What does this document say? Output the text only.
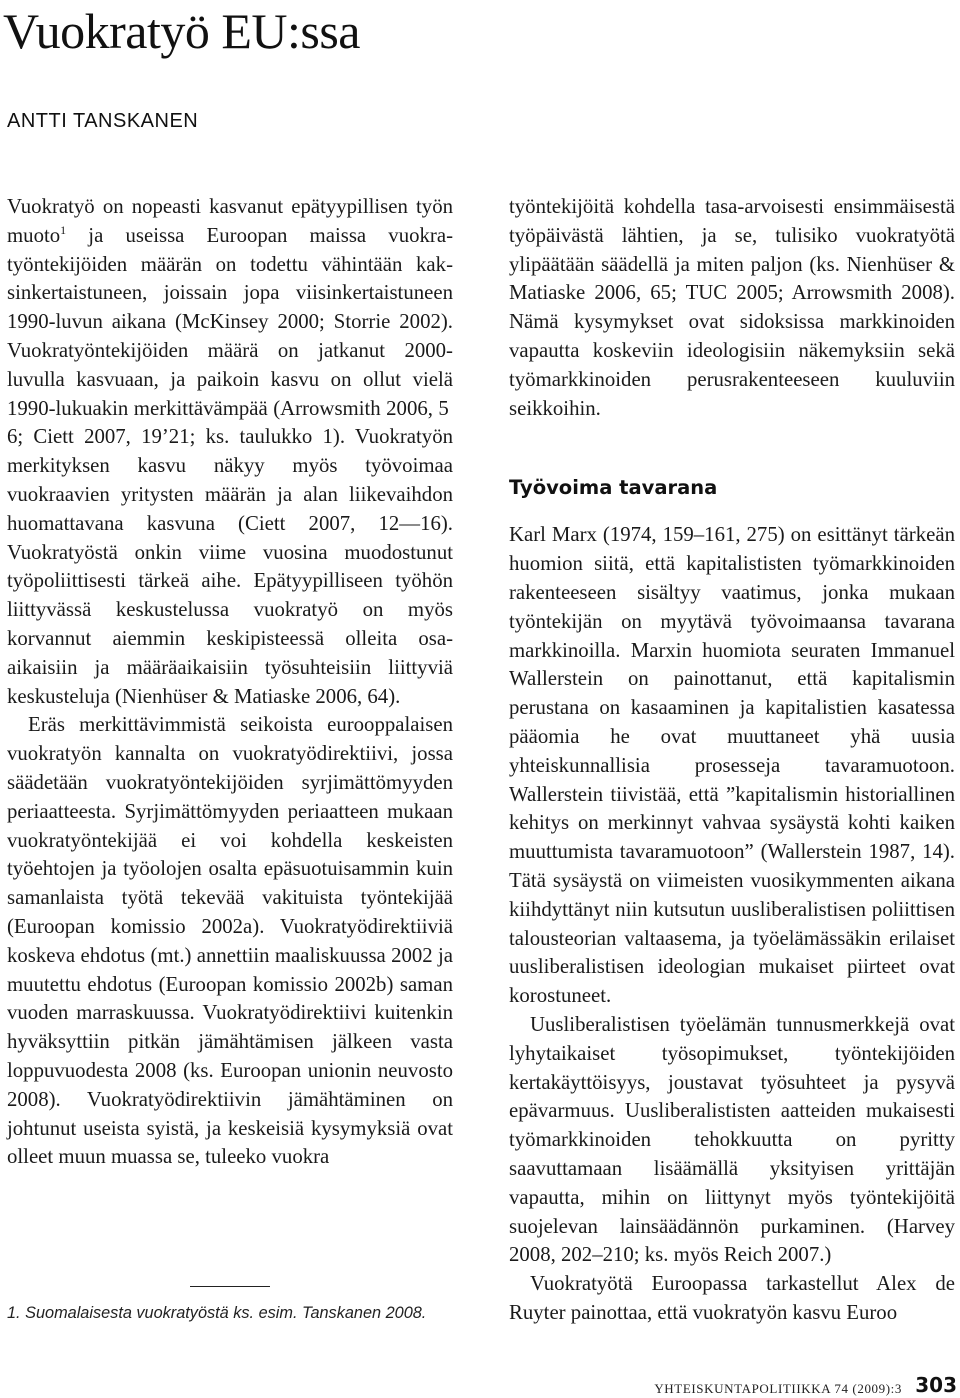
Vuokratyö EU:ssa
ANTTI TANSKANEN

Vuokratyö on nopeasti kasvanut epätyypillisen työn muoto$^1$ ja useissa Euroopan maissa vuokratyöntekijöiden määrän on todettu vähintään kaksinkertaistuneen, joissain jopa viisinkertaistuneen 1990-luvun aikana (McKinsey 2000; Storrie 2002). Vuokratyöntekijöiden määrä on jatkanut 2000-luvulla kasvuaan, ja paikoin kasvu on ollut vielä 1990-lukuakin merkittävämpää (Arrowsmith 2006, 5 6; Ciett 2007, 19’21; ks. taulukko 1). Vuokratyön merkityksen kasvu näkyy myös työvoimaa vuokraavien yritysten määrän ja alan liikevaihdon huomattavana kasvuna (Ciett 2007, 12—16). Vuokratyöstä onkin viime vuosina muodostunut työpoliittisesti tärkeä aihe. Epätyypilliseen työhön liittyvässä keskustelussa vuokratyö on myös korvannut aiemmin keskipisteessä olleita osa-aikaisiin ja määräaikaisiin työsuhteisiin liittyviä keskusteluja (Nienhüser & Matiaske 2006, 64).

Eräs merkittävimmistä seikoista eurooppalaisen vuokratyön kannalta on vuokratyödirektiivi, jossa säädetään vuokratyöntekijöiden syrjimättömyyden periaatteesta. Syrjimättömyyden periaatteen mukaan vuokratyöntekijää ei voi kohdella keskeisten työehtojen ja työolojen osalta epäsuotuisammin kuin samanlaista työtä tekevää vakituista työntekijää (Euroopan komissio 2002a). Vuokratyödirektiiviä koskeva ehdotus (mt.) annettiin maaliskuussa 2002 ja muutettu ehdotus (Euroopan komissio 2002b) saman vuoden marraskuussa. Vuokratyödirektiivi kuitenkin hyväksyttiin pitkän jämähtämisen jälkeen vasta loppuvuodesta 2008 (ks. Euroopan unionin neuvosto 2008). Vuokratyödirektiivin jämähtäminen on johtunut useista syistä, ja keskeisiä kysymyksiä ovat olleet muun muassa se, tuleeko vuokra

1. Suomalaisesta vuokratyöstä ks. esim. Tanskanen 2008.

työntekijöitä kohdella tasa-arvoisesti ensimmäisestä työpäivästä lähtien, ja se, tulisiko vuokratyötä ylipäätään säädellä ja miten paljon (ks. Nienhüser & Matiaske 2006, 65; TUC 2005; Arrowsmith 2008). Nämä kysymykset ovat sidoksissa markkinoiden vapautta koskeviin ideologisiin näkemyksiin sekä työmarkkinoiden perusrakenteeseen kuuluviin seikkoihin.

Työvoima tavarana

Karl Marx (1974, 159–161, 275) on esittänyt tärkeän huomion siitä, että kapitalististen työmarkkinoiden rakenteeseen sisältyy vaatimus, jonka mukaan työntekijän on myytävä työvoimaansa tavarana markkinoilla. Marxin huomiota seuraten Immanuel Wallerstein on painottanut, että kapitalismin perustana on kasaaminen ja kapitalistien kasatessa pääomia he ovat muuttaneet yhä uusia yhteiskunnallisia prosesseja tavaramuotoon. Wallerstein tiivistää, että ”kapitalismin historiallinen kehitys on merkinnyt vahvaa sysäystä kohti kaiken muuttumista tavaramuotoon” (Wallerstein 1987, 14). Tätä sysäystä on viimeisten vuosikymmenten aikana kiihdyttänyt niin kutsutun uusliberalistisen poliittisen talousteorian valtaasema, ja työelämässäkin erilaiset uusliberalistisen ideologian mukaiset piirteet ovat korostuneet.

Uusliberalistisen työelämän tunnusmerkkejä ovat lyhytaikaiset työsopimukset, työntekijöiden kertakäyttöisyys, joustavat työsuhteet ja pysyvä epävarmuus. Uusliberalististen aatteiden mukaisesti työmarkkinoiden tehokkuutta on pyritty saavuttamaan lisäämällä yksityisen yrittäjän vapautta, mihin on liittynyt myös työntekijöitä suojelevan lainsäädännön purkaminen. (Harvey 2008, 202–210; ks. myös Reich 2007.)

Vuokratyötä Euroopassa tarkastellut Alex de Ruyter painottaa, että vuokratyön kasvu Euroo

YHTEISKUNTAPOLITIIKKA 74 (2009):3 303
